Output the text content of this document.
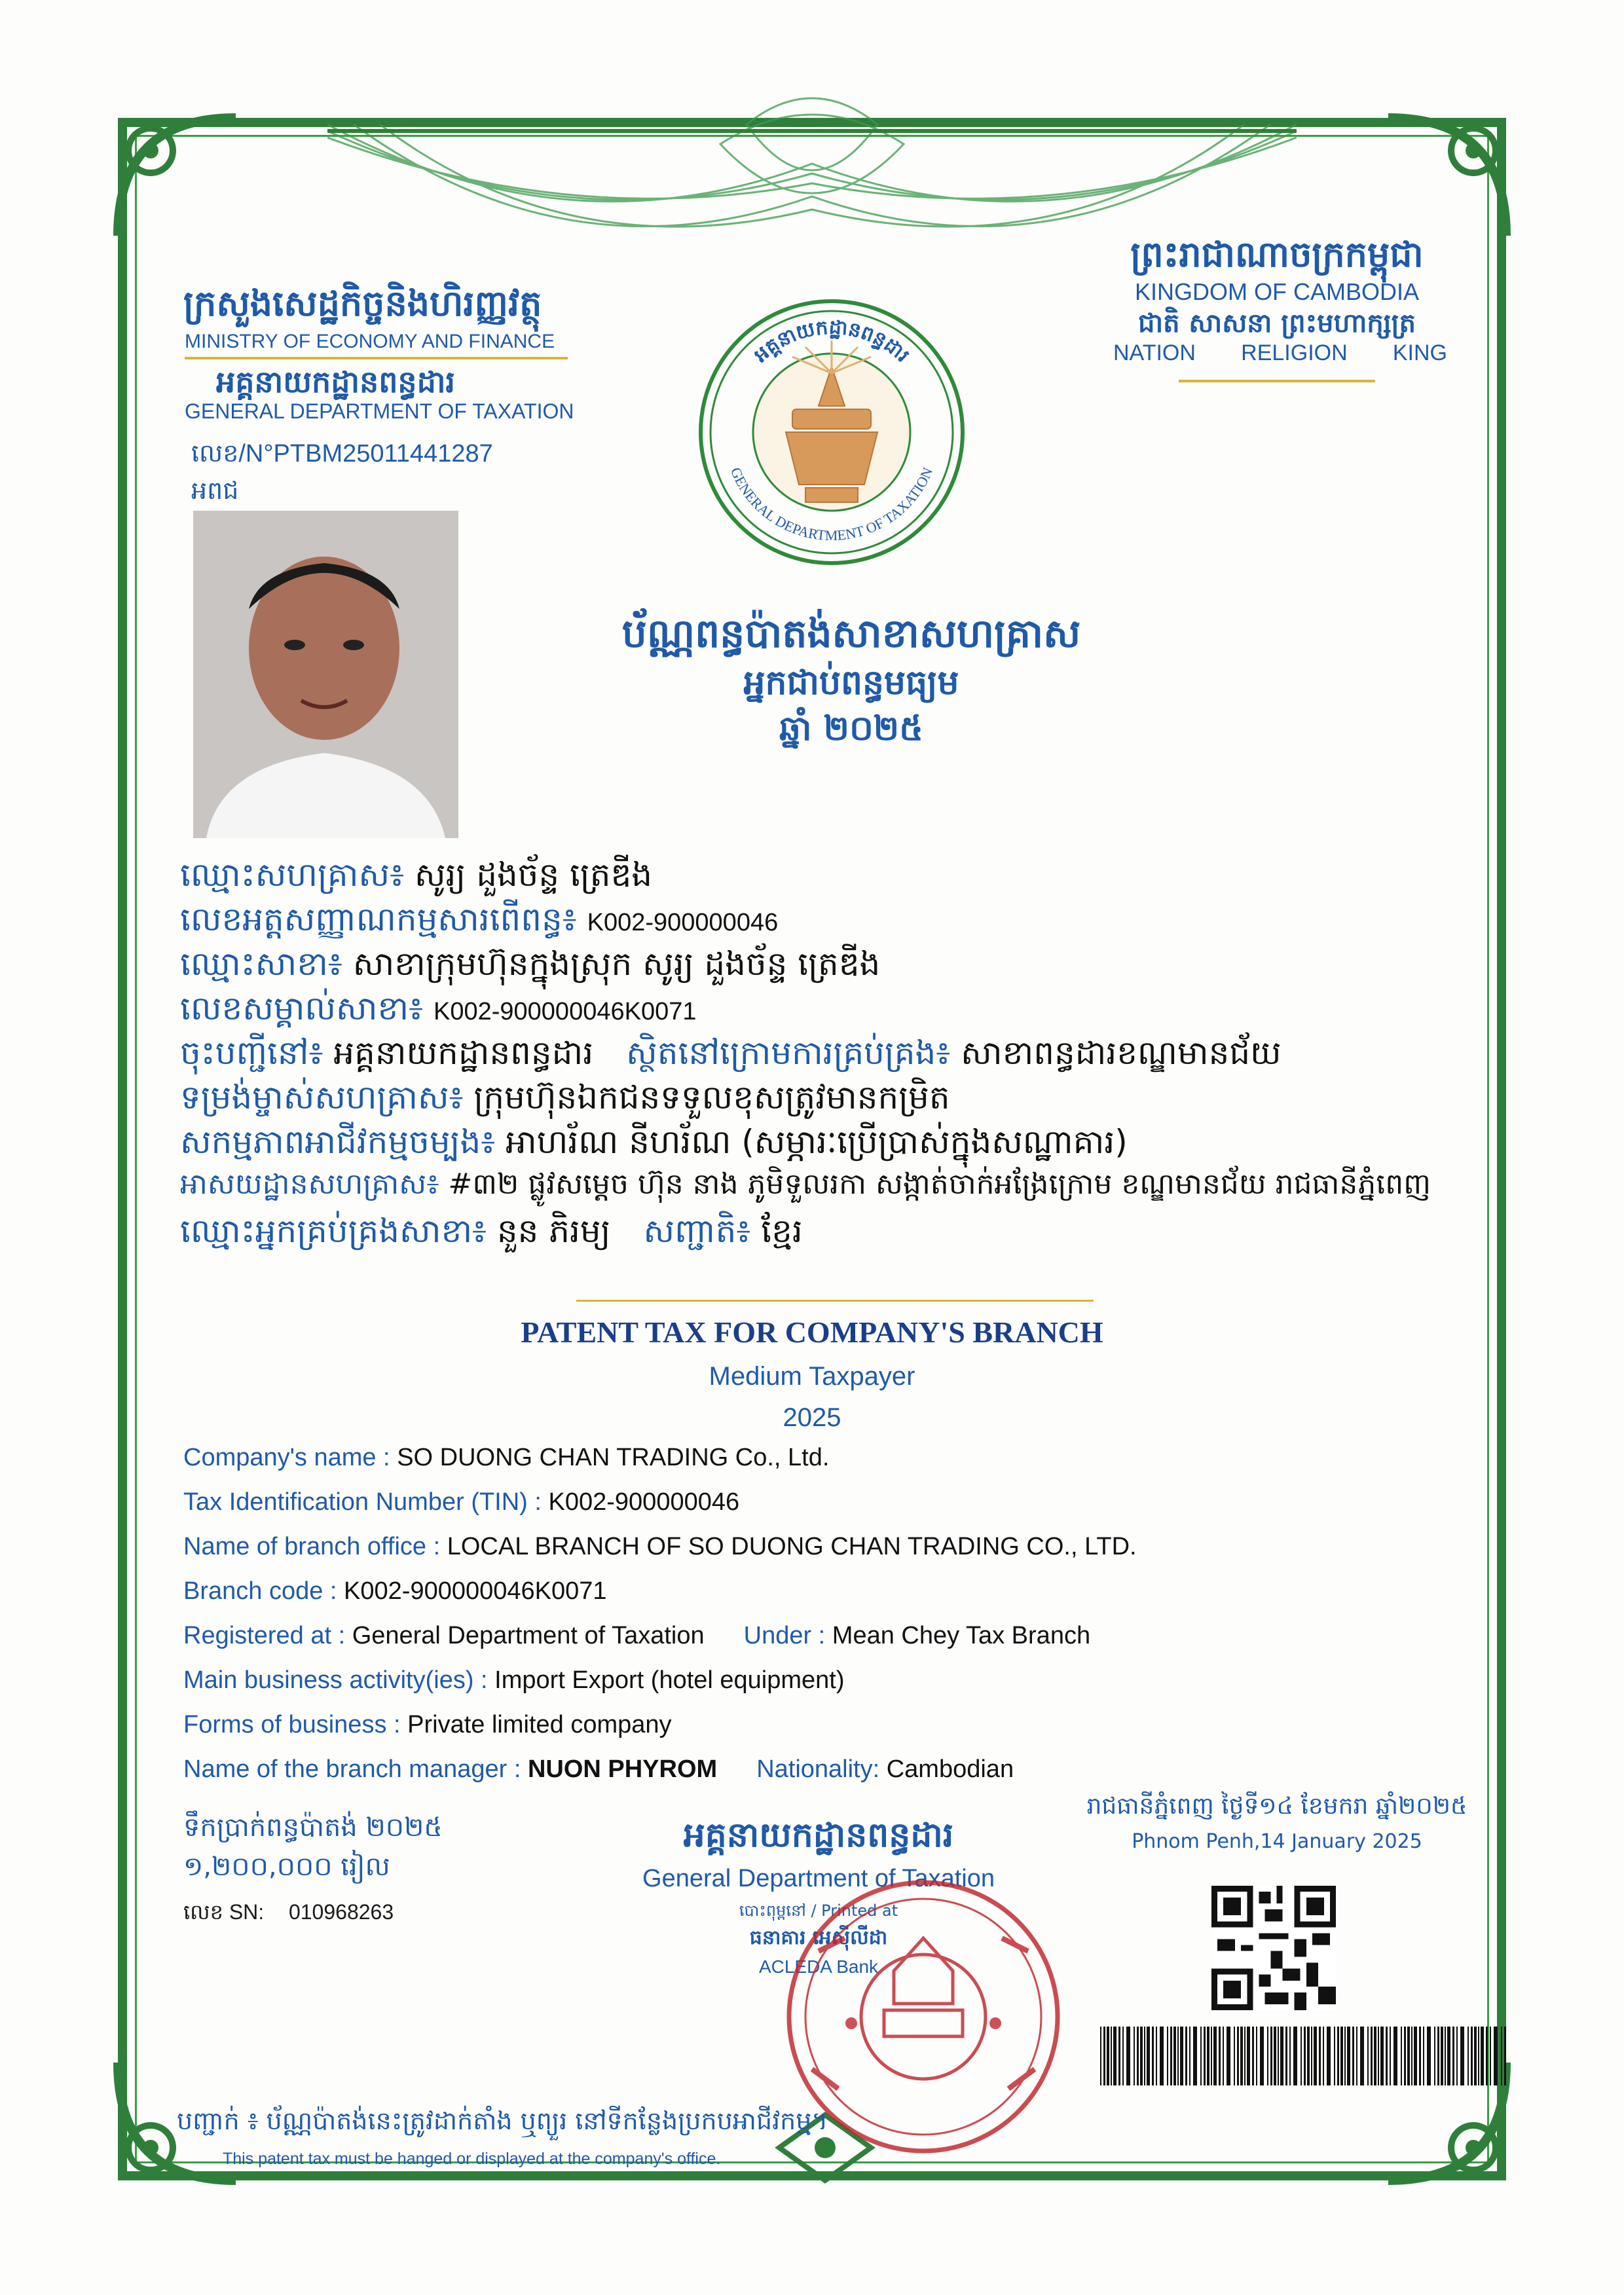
ក្រសួងសេដ្ឋកិច្ចនិងហិរញ្ញវត្ថុ
MINISTRY OF ECONOMY AND FINANCE
អគ្គនាយកដ្ឋានពន្ធដារ
GENERAL DEPARTMENT OF TAXATION
លេខ/N°PTBM25011441287
អពជ
ព្រះរាជាណាចក្រកម្ពុជា
KINGDOM OF CAMBODIA
ជាតិ សាសនា ព្រះមហាក្សត្រ
NATION RELIGION KING
អគ្គនាយកដ្ឋានពន្ធដារ
GENERAL DEPARTMENT OF TAXATION
ប័ណ្ណពន្ធប៉ាតង់សាខាសហគ្រាស
អ្នកជាប់ពន្ធមធ្យម
ឆ្នាំ ២០២៥
ឈ្មោះសហគ្រាស៖ សូរ្យ ដួងច័ន្ទ ត្រេឌីង
លេខអត្តសញ្ញាណកម្មសារពើពន្ធ៖ K002-900000046
ឈ្មោះសាខា៖ សាខាក្រុមហ៊ុនក្នុងស្រុក សូរ្យ ដួងច័ន្ទ ត្រេឌីង
លេខសម្គាល់សាខា៖ K002-900000046K0071
ចុះបញ្ជីនៅ៖ អគ្គនាយកដ្ឋានពន្ធដារ ស្ថិតនៅក្រោមការគ្រប់គ្រង៖ សាខាពន្ធដារខណ្ឌមានជ័យ
ទម្រង់ម្ចាស់សហគ្រាស៖ ក្រុមហ៊ុនឯកជនទទួលខុសត្រូវមានកម្រិត
សកម្មភាពអាជីវកម្មចម្បង៖ អាហរ័ណ នីហរ័ណ (សម្ភារៈប្រើប្រាស់ក្នុងសណ្ឋាគារ)
អាសយដ្ឋានសហគ្រាស៖ #៣២ ផ្លូវសម្ដេច ហ៊ុន នាង ភូមិទួលរកា សង្កាត់ចាក់អង្រែក្រោម ខណ្ឌមានជ័យ រាជធានីភ្នំពេញ
ឈ្មោះអ្នកគ្រប់គ្រងសាខា៖ នួន ភិរម្យ សញ្ជាតិ៖ ខ្មែរ
PATENT TAX FOR COMPANY'S BRANCH
Medium Taxpayer
2025
Company's name : SO DUONG CHAN TRADING Co., Ltd.
Tax Identification Number (TIN) : K002-900000046
Name of branch office : LOCAL BRANCH OF SO DUONG CHAN TRADING CO., LTD.
Branch code : K002-900000046K0071
Registered at : General Department of Taxation Under : Mean Chey Tax Branch
Main business activity(ies) : Import Export (hotel equipment)
Forms of business : Private limited company
Name of the branch manager : NUON PHYROM Nationality: Cambodian
ទឹកប្រាក់ពន្ធប៉ាតង់ ២០២៥
១,២០០,០០០ រៀល
លេខ SN: 010968263
អគ្គនាយកដ្ឋានពន្ធដារ
General Department of Taxation
បោះពុម្ពនៅ / Printed at
ធនាគារ អេស៊ីលីដា
ACLEDA Bank
រាជធានីភ្នំពេញ ថ្ងៃទី១៤ ខែមករា ឆ្នាំ២០២៥
Phnom Penh,14 January 2025
បញ្ជាក់ ៖ ប័ណ្ណប៉ាតង់នេះត្រូវដាក់តាំង ឬព្យួរ នៅទីកន្លែងប្រកបអាជីវកម្ម។
This patent tax must be hanged or displayed at the company's office.
